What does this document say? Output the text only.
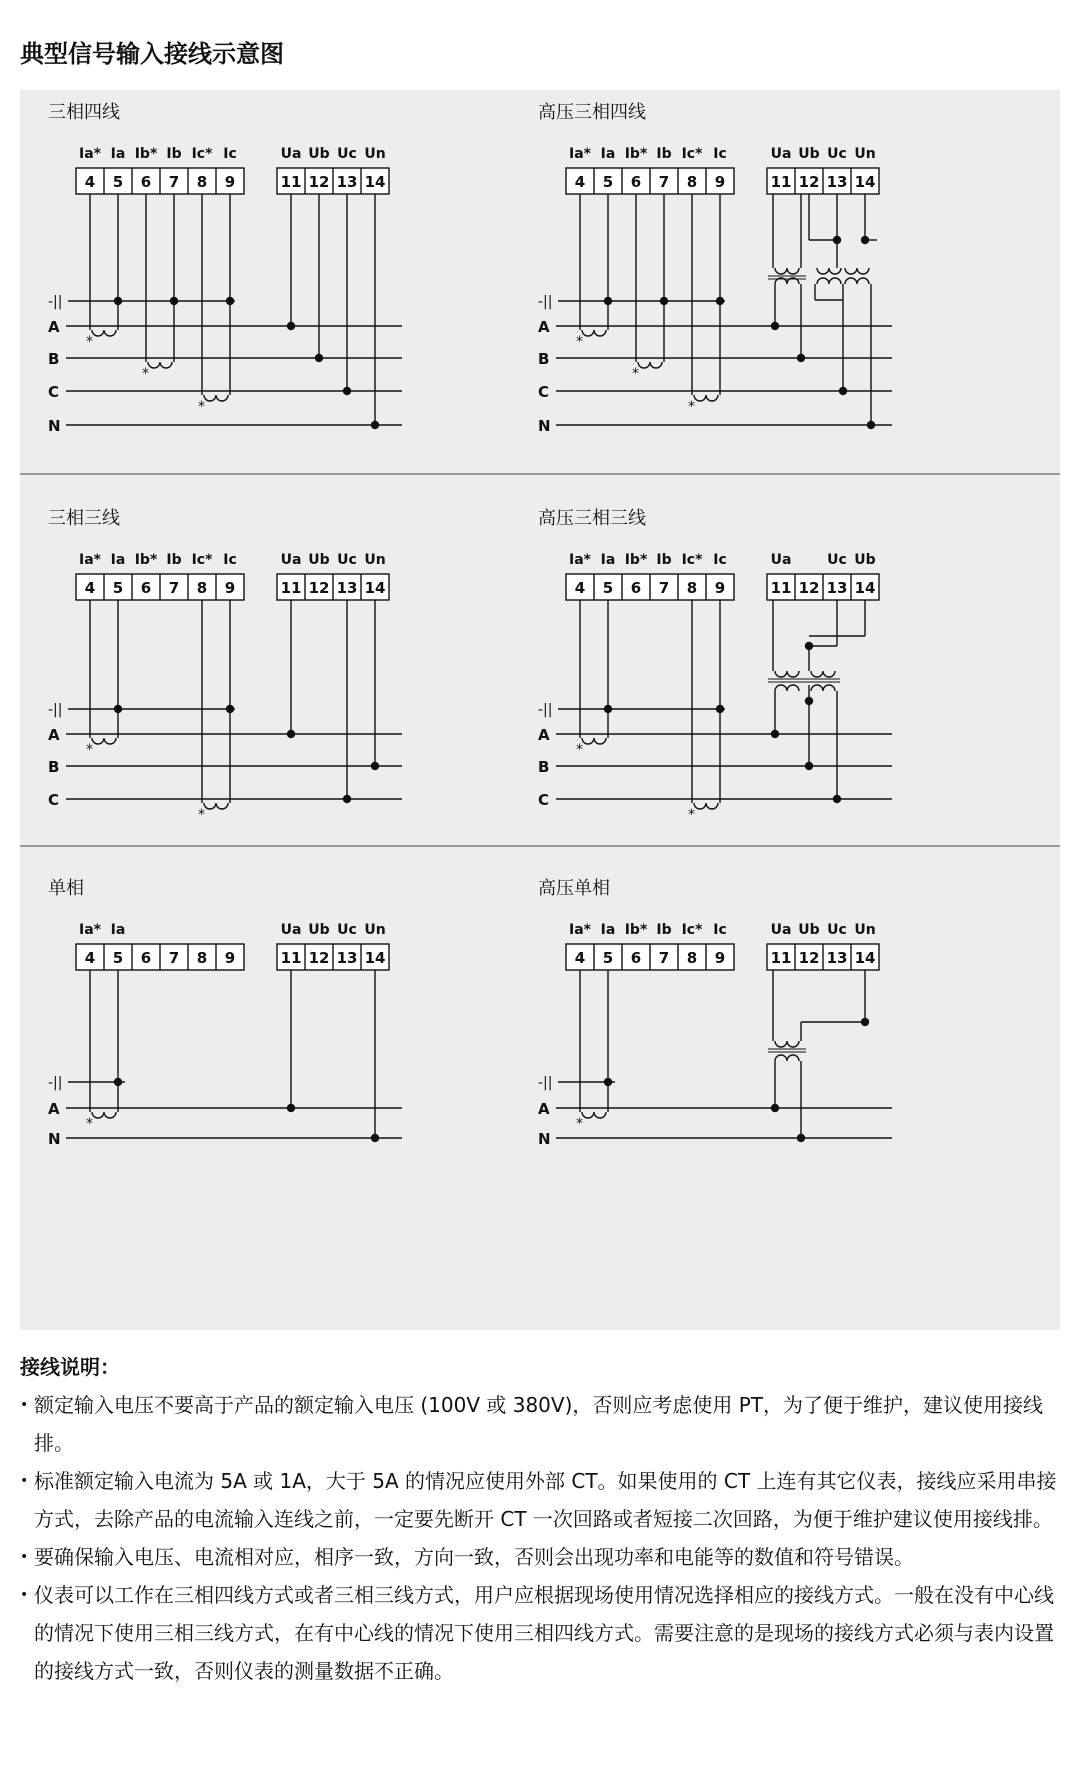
典型信号输入接线示意图
三相四线
4 5 6 7 8 9
Ia* Ia Ib* Ib Ic* Ic
11 12 13 14
Ua Ub Uc Un
-||
A
B
C
N
*
*
*
高压三相四线
4 5 6 7 8 9
Ia* Ia Ib* Ib Ic* Ic
11 12 13 14
Ua Ub Uc Un
-||
A
B
C
N
*
*
*
三相三线
4 5 6 7 8 9
Ia* Ia Ib* Ib Ic* Ic
11 12 13 14
Ua Ub Uc Un
-||
A
B
C
*
*
高压三相三线
4 5 6 7 8 9
Ia* Ia Ib* Ib Ic* Ic
11 12 13 14
Ua	Uc Ub
-||
A
B
C
*
*
单相
4 5 6 7 8 9
Ia* Ia
11 12 13 14
Ua Ub Uc Un
-||
A
N
*
高压单相
4 5 6 7 8 9
Ia* Ia Ib* Ib Ic* Ic
11 12 13 14
Ua Ub Uc Un
-||
A
N
*
接线说明：
• 额定输入电压不要高于产品的额定输入电压 (100V 或 380V)，否则应考虑使用 PT，为了便于维护，建议使用接线排。
• 标准额定输入电流为 5A 或 1A，大于 5A 的情况应使用外部 CT。如果使用的 CT 上连有其它仪表，接线应采用串接方式，去除产品的电流输入连线之前，一定要先断开 CT 一次回路或者短接二次回路，为便于维护建议使用接线排。
• 要确保输入电压、电流相对应，相序一致，方向一致，否则会出现功率和电能等的数值和符号错误。
• 仪表可以工作在三相四线方式或者三相三线方式，用户应根据现场使用情况选择相应的接线方式。一般在没有中心线的情况下使用三相三线方式，在有中心线的情况下使用三相四线方式。需要注意的是现场的接线方式必须与表内设置的接线方式一致，否则仪表的测量数据不正确。
